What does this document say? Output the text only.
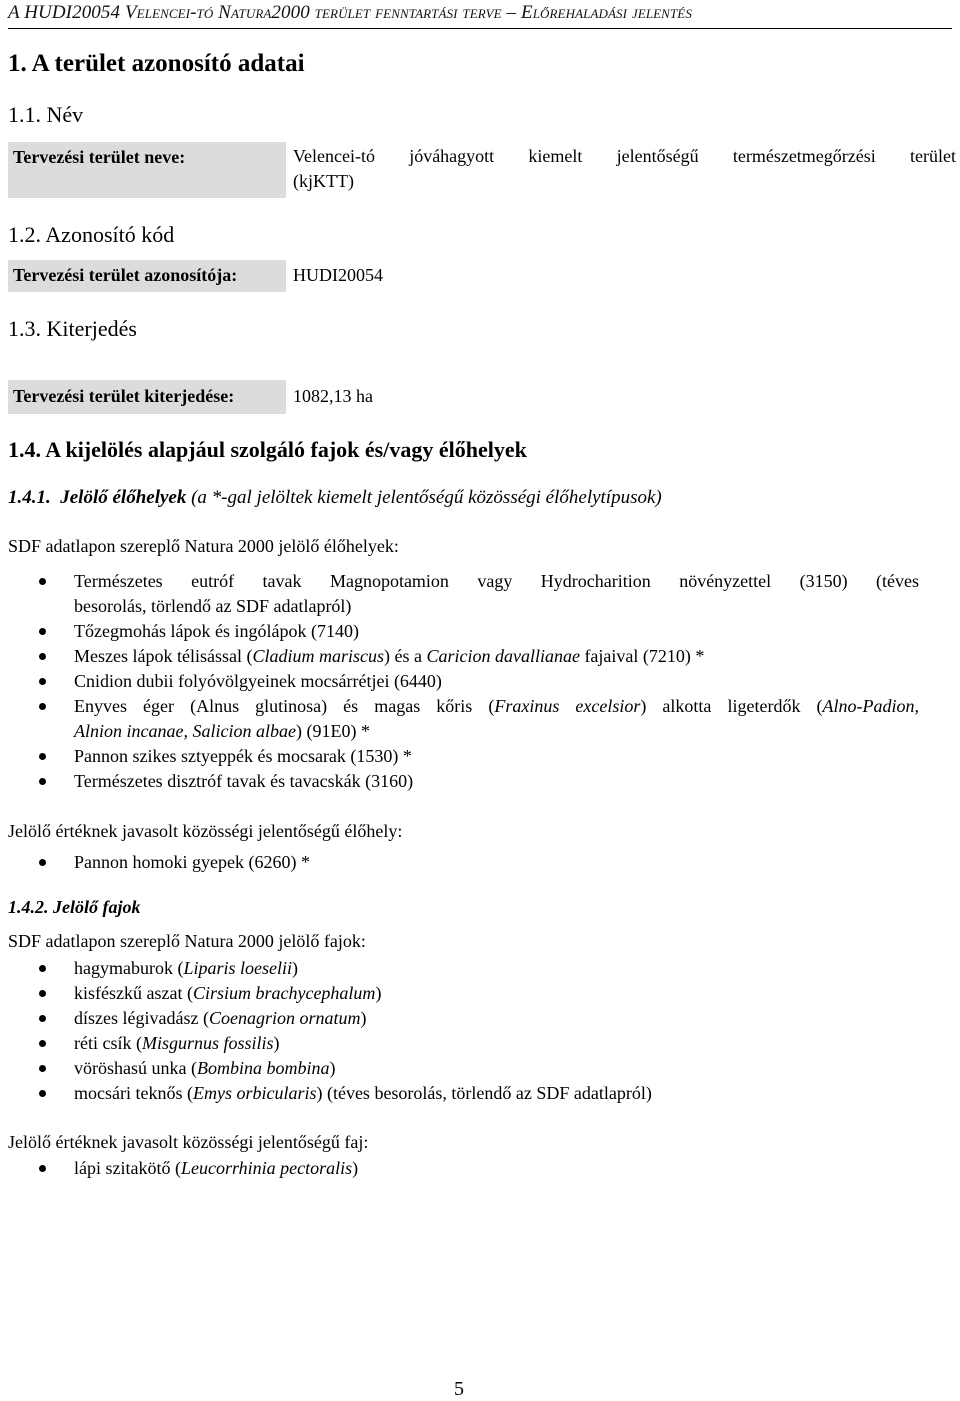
A HUDI20054 Velencei-tó Natura2000 terület fenntartási terve – Előrehaladási jelentés
1. A terület azonosító adatai
1.1. Név
Tervezési terület neve:	Velencei-tó jóváhagyott kiemelt jelentőségű természetmegőrzési terület
(kjKTT)
1.2. Azonosító kód
Tervezési terület azonosítója:	HUDI20054
1.3. Kiterjedés
Tervezési terület kiterjedése:	1082,13 ha
1.4. A kijelölés alapjául szolgáló fajok és/vagy élőhelyek
1.4.1. Jelölő élőhelyek (a *-gal jelöltek kiemelt jelentőségű közösségi élőhelytípusok)
SDF adatlapon szereplő Natura 2000 jelölő élőhelyek:
Természetes eutróf tavak Magnopotamion vagy Hydrocharition növényzettel (3150) (téves
besorolás, törlendő az SDF adatlapról)
Tőzegmohás lápok és ingólápok (7140)
Meszes lápok télisással (Cladium mariscus) és a Caricion davallianae fajaival (7210) *
Cnidion dubii folyóvölgyeinek mocsárrétjei (6440)
Enyves éger (Alnus glutinosa) és magas kőris (Fraxinus excelsior) alkotta ligeterdők (Alno-Padion,
Alnion incanae, Salicion albae) (91E0) *
Pannon szikes sztyeppék és mocsarak (1530) *
Természetes disztróf tavak és tavacskák (3160)
Jelölő értéknek javasolt közösségi jelentőségű élőhely:
Pannon homoki gyepek (6260) *
1.4.2. Jelölő fajok
SDF adatlapon szereplő Natura 2000 jelölő fajok:
hagymaburok (Liparis loeselii)
kisfészkű aszat (Cirsium brachycephalum)
díszes légivadász (Coenagrion ornatum)
réti csík (Misgurnus fossilis)
vöröshasú unka (Bombina bombina)
mocsári teknős (Emys orbicularis) (téves besorolás, törlendő az SDF adatlapról)
Jelölő értéknek javasolt közösségi jelentőségű faj:
lápi szitakötő (Leucorrhinia pectoralis)
5
